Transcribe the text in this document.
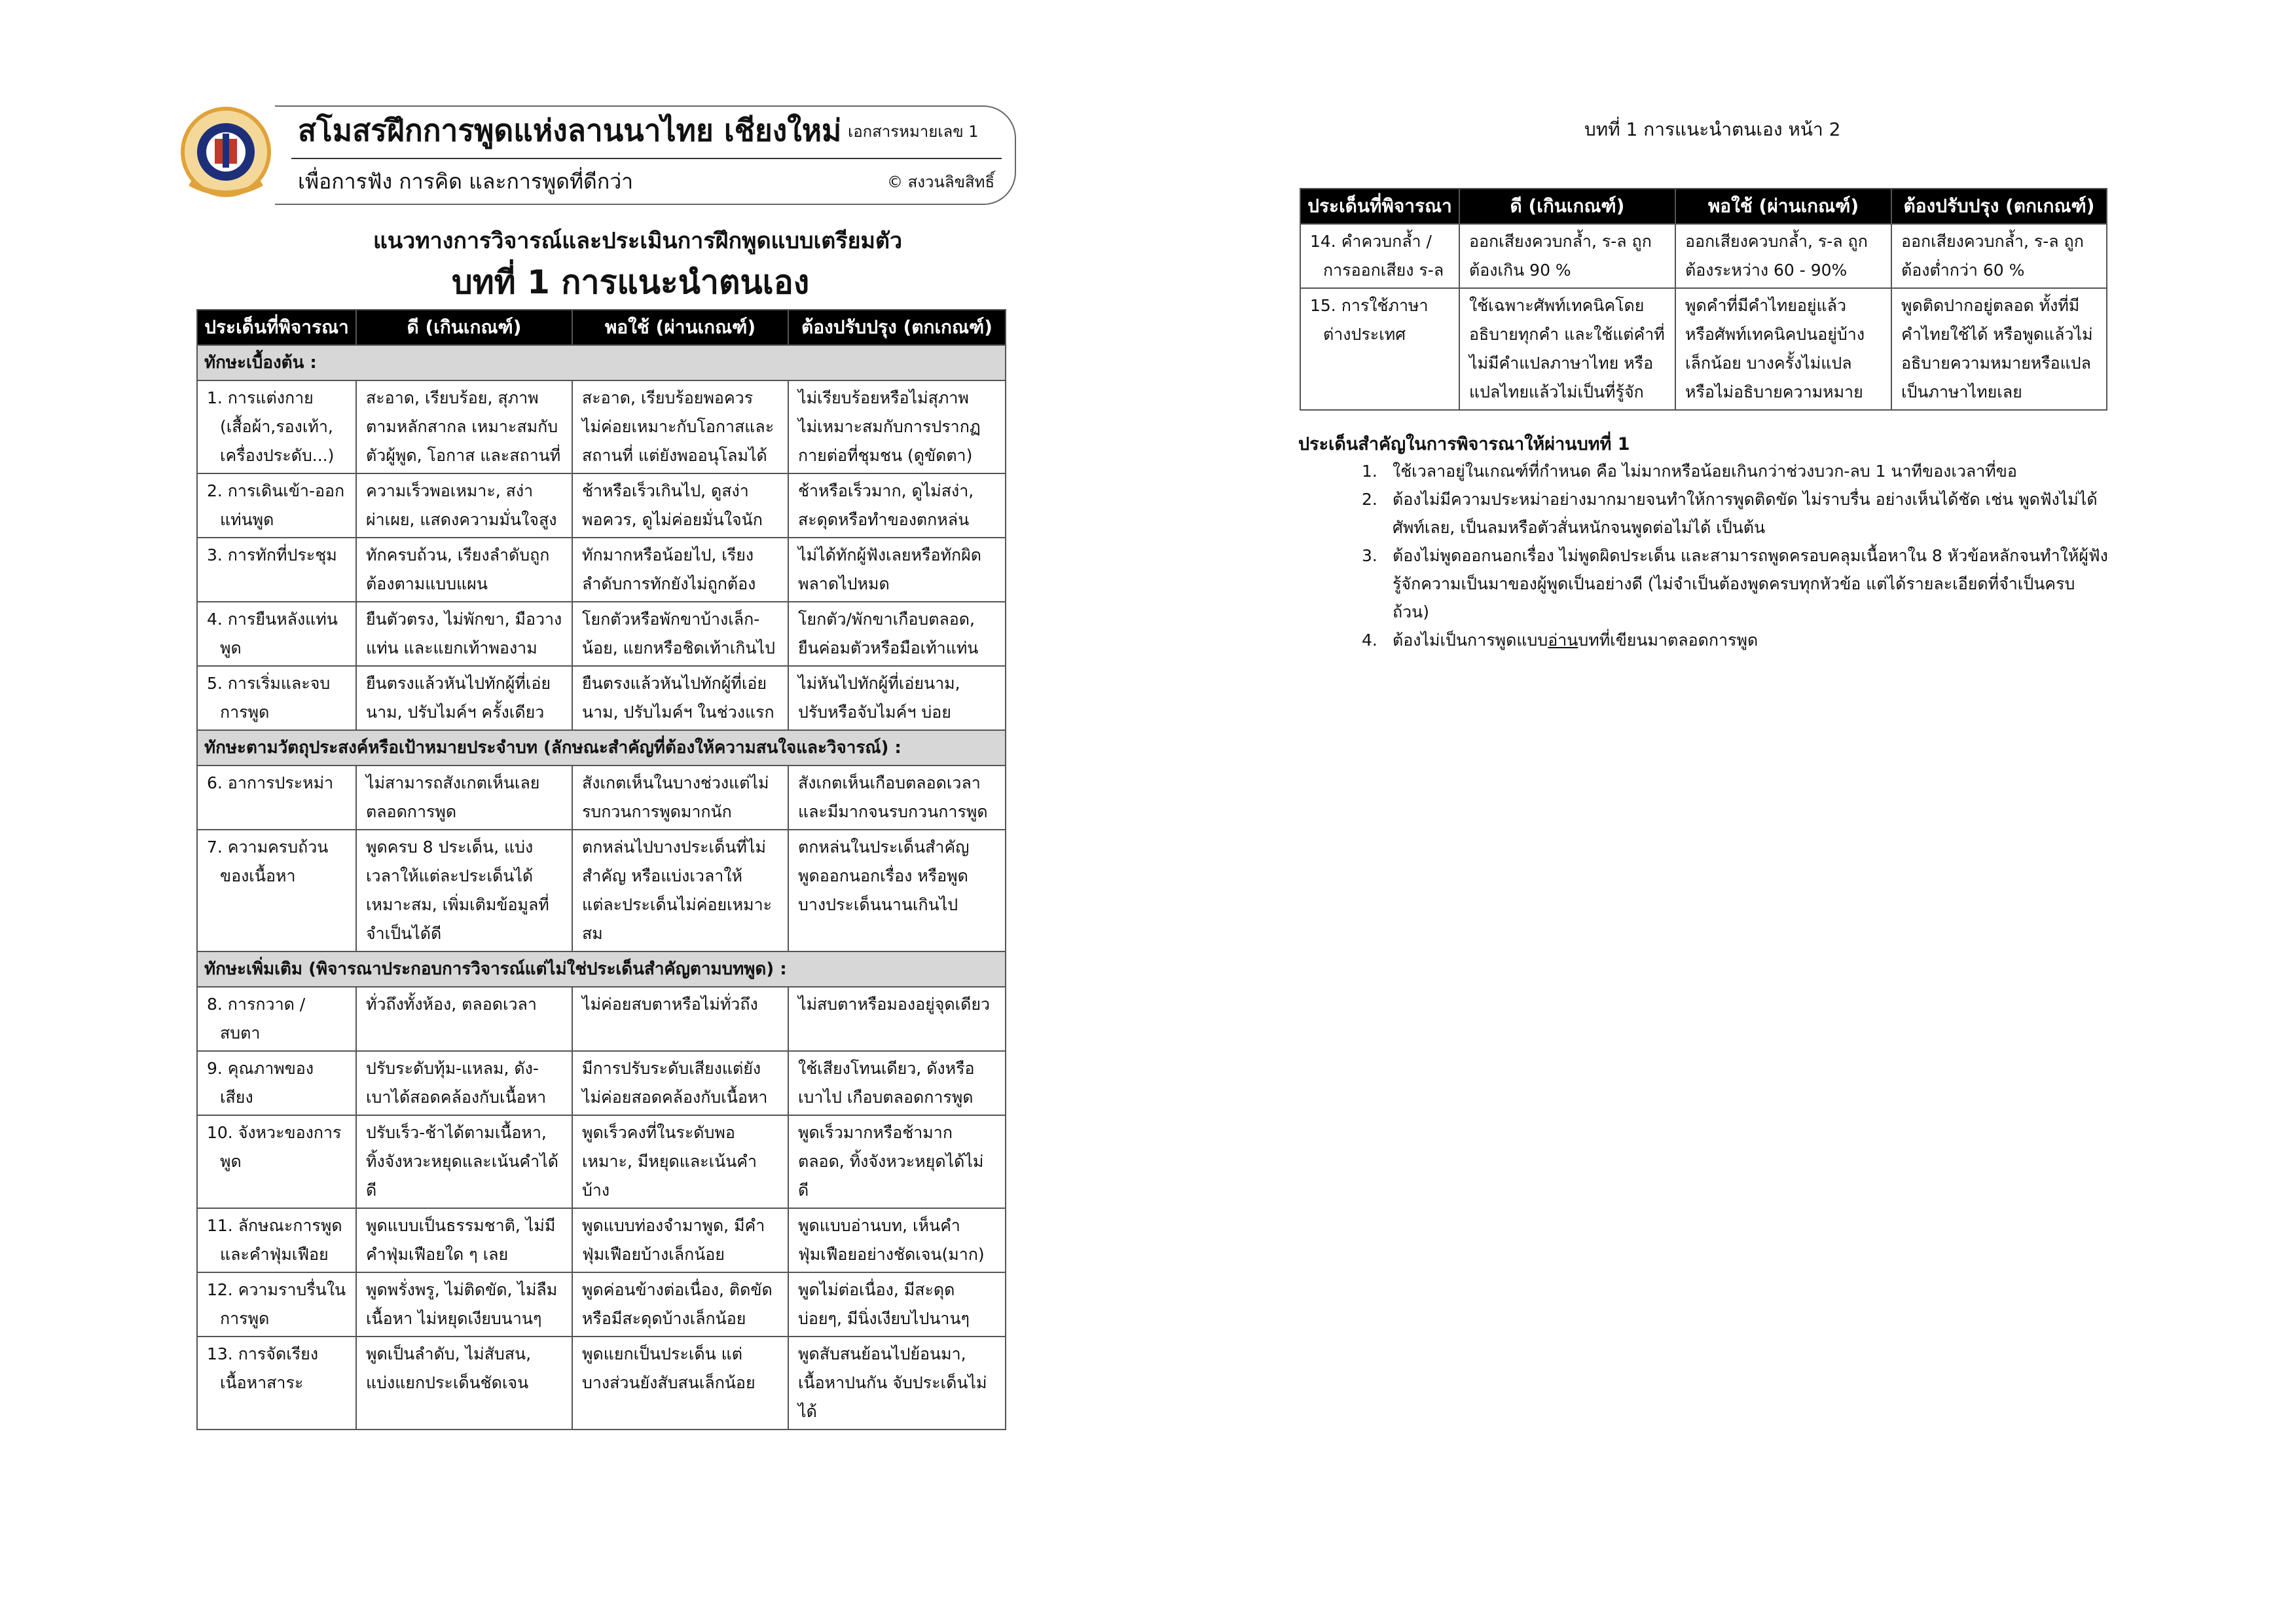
สโมสรฝึกการพูดแห่งลานนาไทย เชียงใหม่ เอกสารหมายเลข 1
เพื่อการฟัง การคิด และการพูดที่ดีกว่า	© สงวนลิขสิทธิ์
แนวทางการวิจารณ์และประเมินการฝึกพูดแบบเตรียมตัว
บทที่ 1 การแนะนำตนเอง
ประเด็นที่พิจารณา	ดี (เกินเกณฑ์)	พอใช้ (ผ่านเกณฑ์)	ต้องปรับปรุง (ตกเกณฑ์)
ทักษะเบื้องต้น :			

1. การแต่งกาย
(เสื้อผ้า,รองเท้า,
เครื่องประดับ...)	สะอาด, เรียบร้อย, สุภาพ
ตามหลักสากล เหมาะสมกับ
ตัวผู้พูด, โอกาส และสถานที่	สะอาด, เรียบร้อยพอควร
ไม่ค่อยเหมาะกับโอกาสและ
สถานที่ แต่ยังพออนุโลมได้	ไม่เรียบร้อยหรือไม่สุภาพ
ไม่เหมาะสมกับการปรากฏ
กายต่อที่ชุมชน (ดูขัดตา)

2. การเดินเข้า-ออก
แท่นพูด	ความเร็วพอเหมาะ, สง่า
ผ่าเผย, แสดงความมั่นใจสูง	ช้าหรือเร็วเกินไป, ดูสง่า
พอควร, ดูไม่ค่อยมั่นใจนัก	ช้าหรือเร็วมาก, ดูไม่สง่า,
สะดุดหรือทำของตกหล่น

3. การทักที่ประชุม	ทักครบถ้วน, เรียงลำดับถูก
ต้องตามแบบแผน	ทักมากหรือน้อยไป, เรียง
ลำดับการทักยังไม่ถูกต้อง	ไม่ได้ทักผู้ฟังเลยหรือทักผิด
พลาดไปหมด

4. การยืนหลังแท่น
พูด	ยืนตัวตรง, ไม่พักขา, มือวาง
แท่น และแยกเท้าพองาม	โยกตัวหรือพักขาบ้างเล็ก-
น้อย, แยกหรือชิดเท้าเกินไป	โยกตัว/พักขาเกือบตลอด,
ยืนค่อมตัวหรือมือเท้าแท่น

5. การเริ่มและจบ
การพูด	ยืนตรงแล้วหันไปทักผู้ที่เอ่ย
นาม, ปรับไมค์ฯ ครั้งเดียว	ยืนตรงแล้วหันไปทักผู้ที่เอ่ย
นาม, ปรับไมค์ฯ ในช่วงแรก	ไม่หันไปทักผู้ที่เอ่ยนาม,
ปรับหรือจับไมค์ฯ บ่อย

ทักษะตามวัตถุประสงค์หรือเป้าหมายประจำบท (ลักษณะสำคัญที่ต้องให้ความสนใจและวิจารณ์) :			

6. อาการประหม่า	ไม่สามารถสังเกตเห็นเลย
ตลอดการพูด	สังเกตเห็นในบางช่วงแต่ไม่
รบกวนการพูดมากนัก	สังเกตเห็นเกือบตลอดเวลา
และมีมากจนรบกวนการพูด

7. ความครบถ้วน
ของเนื้อหา	พูดครบ 8 ประเด็น, แบ่ง
เวลาให้แต่ละประเด็นได้
เหมาะสม, เพิ่มเติมข้อมูลที่
จำเป็นได้ดี	ตกหล่นไปบางประเด็นที่ไม่
สำคัญ หรือแบ่งเวลาให้
แต่ละประเด็นไม่ค่อยเหมาะ
สม	ตกหล่นในประเด็นสำคัญ
พูดออกนอกเรื่อง หรือพูด
บางประเด็นนานเกินไป

ทักษะเพิ่มเติม (พิจารณาประกอบการวิจารณ์แต่ไม่ใช่ประเด็นสำคัญตามบทพูด) :			

8. การกวาด /
สบตา	ทั่วถึงทั้งห้อง, ตลอดเวลา	ไม่ค่อยสบตาหรือไม่ทั่วถึง	ไม่สบตาหรือมองอยู่จุดเดียว

9. คุณภาพของ
เสียง	ปรับระดับทุ้ม-แหลม, ดัง-
เบาได้สอดคล้องกับเนื้อหา	มีการปรับระดับเสียงแต่ยัง
ไม่ค่อยสอดคล้องกับเนื้อหา	ใช้เสียงโทนเดียว, ดังหรือ
เบาไป เกือบตลอดการพูด

10. จังหวะของการ
พูด	ปรับเร็ว-ช้าได้ตามเนื้อหา,
ทิ้งจังหวะหยุดและเน้นคำได้
ดี	พูดเร็วคงที่ในระดับพอ
เหมาะ, มีหยุดและเน้นคำ
บ้าง	พูดเร็วมากหรือช้ามาก
ตลอด, ทิ้งจังหวะหยุดได้ไม่
ดี

11. ลักษณะการพูด
และคำฟุ่มเฟือย	พูดแบบเป็นธรรมชาติ, ไม่มี
คำฟุ่มเฟือยใด ๆ เลย	พูดแบบท่องจำมาพูด, มีคำ
ฟุ่มเฟือยบ้างเล็กน้อย	พูดแบบอ่านบท, เห็นคำ
ฟุ่มเฟือยอย่างชัดเจน(มาก)

12. ความราบรื่นใน
การพูด	พูดพรั่งพรู, ไม่ติดขัด, ไม่ลืม
เนื้อหา ไม่หยุดเงียบนานๆ	พูดค่อนข้างต่อเนื่อง, ติดขัด
หรือมีสะดุดบ้างเล็กน้อย	พูดไม่ต่อเนื่อง, มีสะดุด
บ่อยๆ, มีนิ่งเงียบไปนานๆ

13. การจัดเรียง
เนื้อหาสาระ	พูดเป็นลำดับ, ไม่สับสน,
แบ่งแยกประเด็นชัดเจน	พูดแยกเป็นประเด็น แต่
บางส่วนยังสับสนเล็กน้อย	พูดสับสนย้อนไปย้อนมา,
เนื้อหาปนกัน จับประเด็นไม่
ได้
บทที่ 1 การแนะนำตนเอง หน้า 2
ประเด็นที่พิจารณา	ดี (เกินเกณฑ์)	พอใช้ (ผ่านเกณฑ์)	ต้องปรับปรุง (ตกเกณฑ์)

14. คำควบกล้ำ /
การออกเสียง ร-ล	ออกเสียงควบกล้ำ, ร-ล ถูก
ต้องเกิน 90 %	ออกเสียงควบกล้ำ, ร-ล ถูก
ต้องระหว่าง 60 - 90%	ออกเสียงควบกล้ำ, ร-ล ถูก
ต้องต่ำกว่า 60 %

15. การใช้ภาษา
ต่างประเทศ	ใช้เฉพาะศัพท์เทคนิคโดย
อธิบายทุกคำ และใช้แต่คำที่
ไม่มีคำแปลภาษาไทย หรือ
แปลไทยแล้วไม่เป็นที่รู้จัก	พูดคำที่มีคำไทยอยู่แล้ว
หรือศัพท์เทคนิคปนอยู่บ้าง
เล็กน้อย บางครั้งไม่แปล
หรือไม่อธิบายความหมาย	พูดติดปากอยู่ตลอด ทั้งที่มี
คำไทยใช้ได้ หรือพูดแล้วไม่
อธิบายความหมายหรือแปล
เป็นภาษาไทยเลย
ประเด็นสำคัญในการพิจารณาให้ผ่านบทที่ 1
1. ใช้เวลาอยู่ในเกณฑ์ที่กำหนด คือ ไม่มากหรือน้อยเกินกว่าช่วงบวก-ลบ 1 นาทีของเวลาที่ขอ
2. ต้องไม่มีความประหม่าอย่างมากมายจนทำให้การพูดติดขัด ไม่ราบรื่น อย่างเห็นได้ชัด เช่น พูดฟังไม่ได้
ศัพท์เลย, เป็นลมหรือตัวสั่นหนักจนพูดต่อไม่ได้ เป็นต้น
3. ต้องไม่พูดออกนอกเรื่อง ไม่พูดผิดประเด็น และสามารถพูดครอบคลุมเนื้อหาใน 8 หัวข้อหลักจนทำให้ผู้ฟัง
รู้จักความเป็นมาของผู้พูดเป็นอย่างดี (ไม่จำเป็นต้องพูดครบทุกหัวข้อ แต่ได้รายละเอียดที่จำเป็นครบ
ถ้วน)
4. ต้องไม่เป็นการพูดแบบอ่านบทที่เขียนมาตลอดการพูด
